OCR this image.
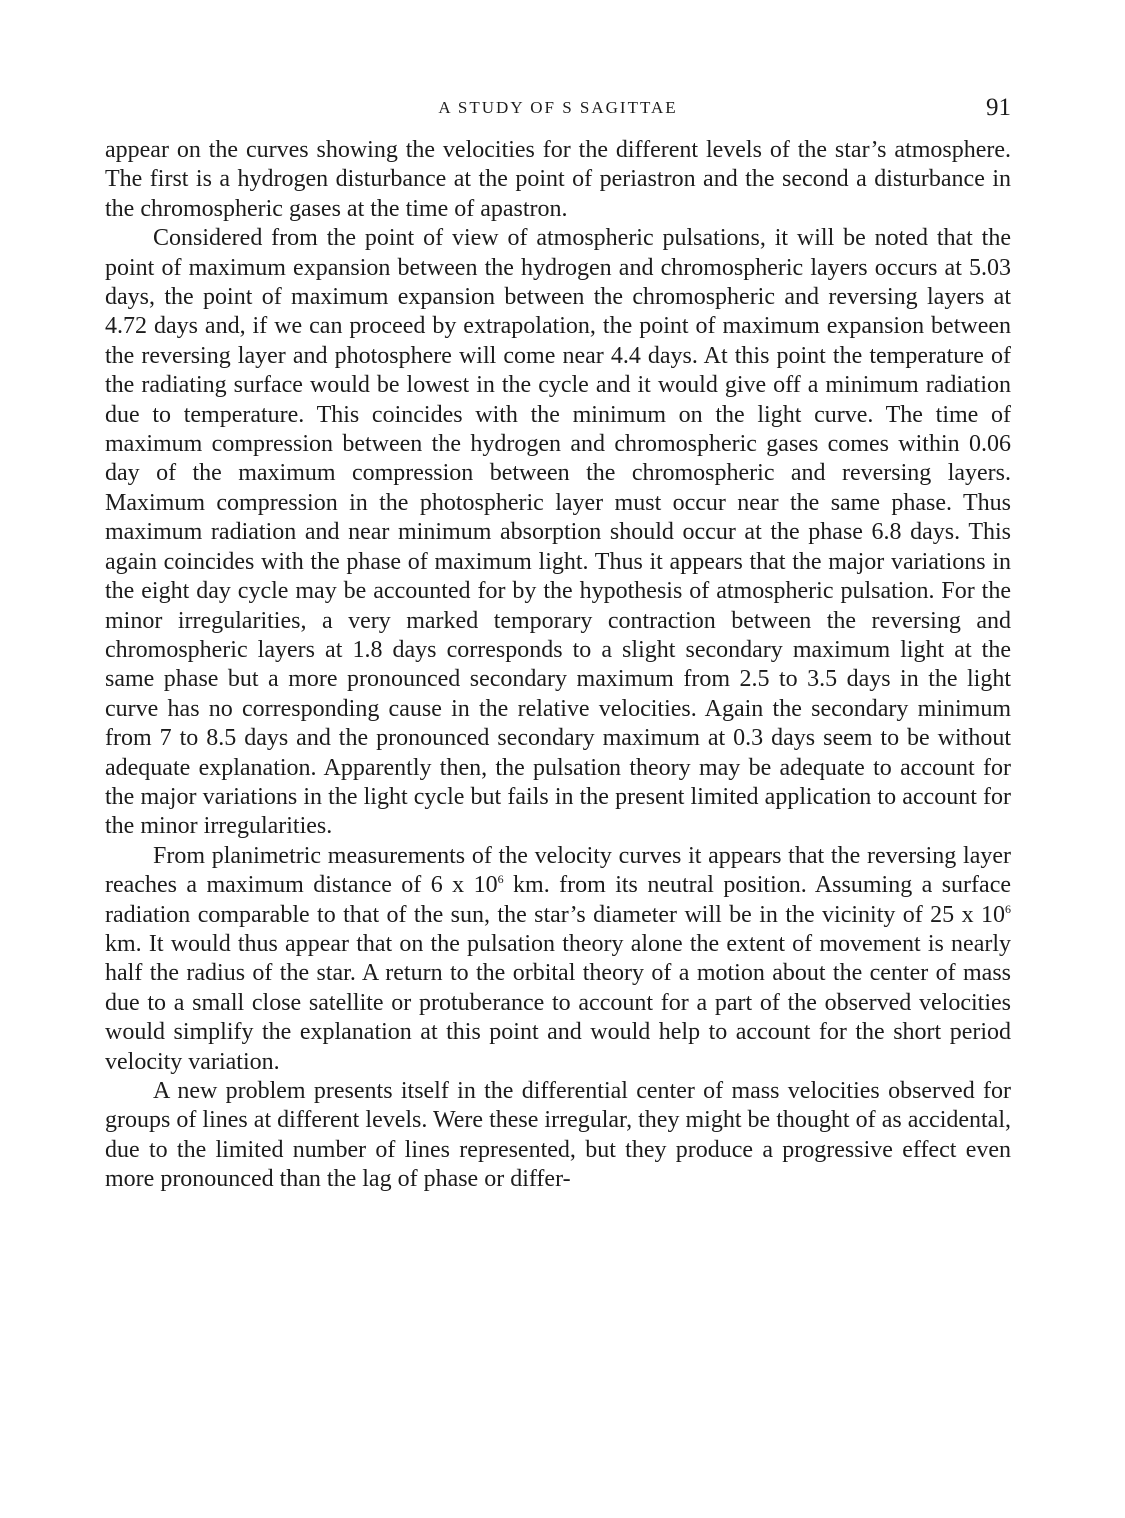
A STUDY OF S SAGITTAE	91

appear on the curves showing the velocities for the different levels of the star’s atmosphere. The first is a hydrogen disturbance at the point of periastron and the second a disturbance in the chromospheric gases at the time of apastron.

Considered from the point of view of atmospheric pulsations, it will be noted that the point of maximum expansion between the hydrogen and chromospheric layers occurs at 5.03 days, the point of maximum expansion between the chromospheric and reversing layers at 4.72 days and, if we can proceed by extrapolation, the point of maximum expansion between the reversing layer and photosphere will come near 4.4 days. At this point the temperature of the radiating surface would be lowest in the cycle and it would give off a minimum radiation due to temperature. This coincides with the minimum on the light curve. The time of maximum compression between the hydrogen and chromospheric gases comes within 0.06 day of the maximum compression between the chromospheric and reversing layers. Maximum compression in the photospheric layer must occur near the same phase. Thus maximum radiation and near minimum absorption should occur at the phase 6.8 days. This again coincides with the phase of maximum light. Thus it appears that the major variations in the eight day cycle may be accounted for by the hypothesis of atmospheric pulsation. For the minor irregularities, a very marked temporary contraction between the reversing and chromospheric layers at 1.8 days corresponds to a slight secondary maximum light at the same phase but a more pronounced secondary maximum from 2.5 to 3.5 days in the light curve has no corresponding cause in the relative velocities. Again the secondary minimum from 7 to 8.5 days and the pronounced secondary maximum at 0.3 days seem to be without adequate explanation. Apparently then, the pulsation theory may be adequate to account for the major variations in the light cycle but fails in the present limited application to account for the minor irregularities.

From planimetric measurements of the velocity curves it appears that the reversing layer reaches a maximum distance of 6 x $10^6$ km. from its neutral position. Assuming a surface radiation comparable to that of the sun, the star’s diameter will be in the vicinity of 25 x $10^6$ km. It would thus appear that on the pulsation theory alone the extent of movement is nearly half the radius of the star. A return to the orbital theory of a motion about the center of mass due to a small close satellite or protuberance to account for a part of the observed velocities would simplify the explanation at this point and would help to account for the short period velocity variation.

A new problem presents itself in the differential center of mass velocities observed for groups of lines at different levels. Were these irregular, they might be thought of as accidental, due to the limited number of lines represented, but they produce a progressive effect even more pronounced than the lag of phase or differ-
